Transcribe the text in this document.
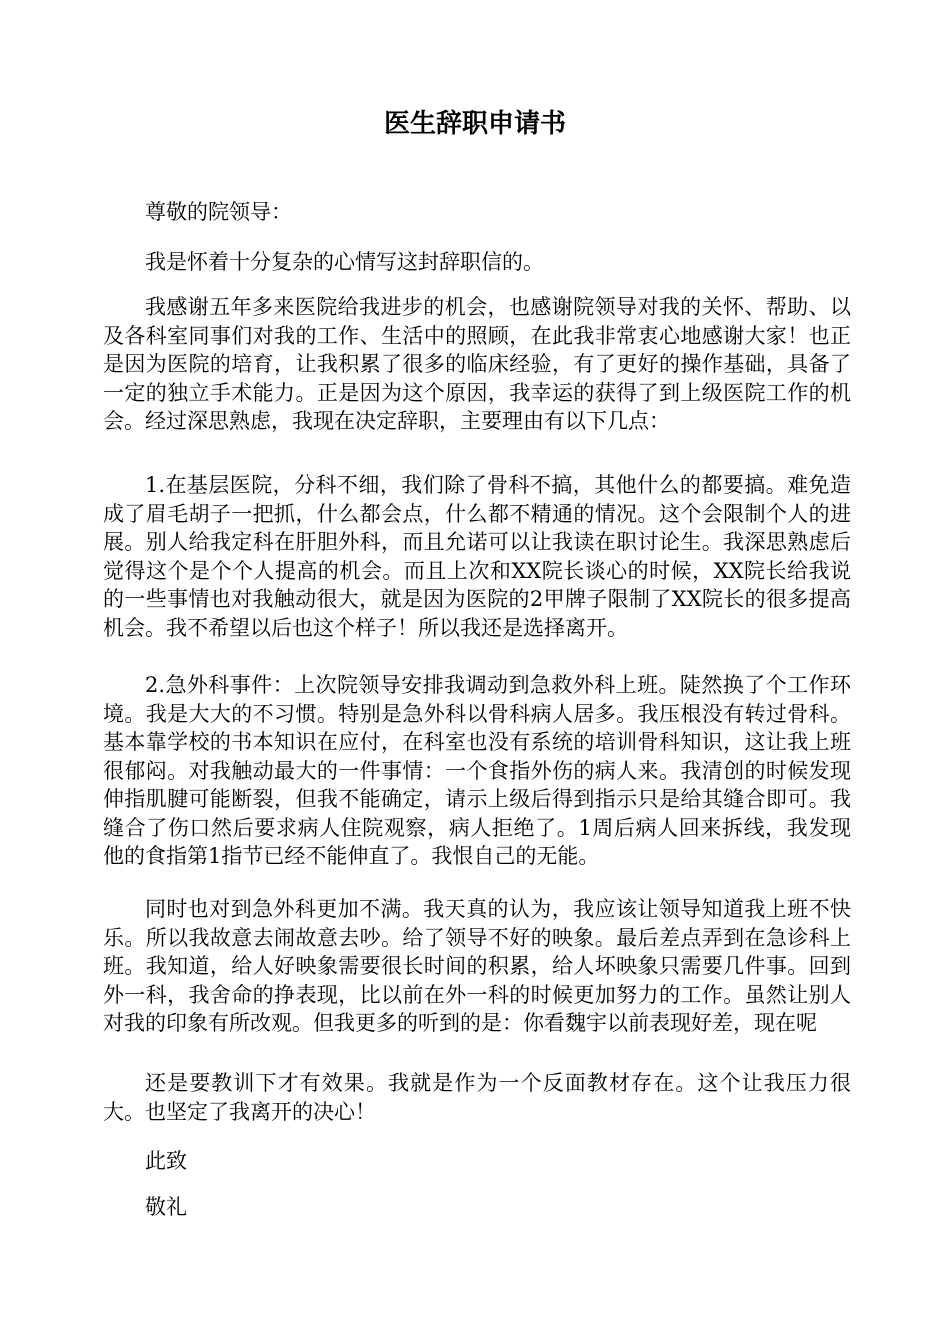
医生辞职申请书

尊敬的院领导：

我是怀着十分复杂的心情写这封辞职信的。

我感谢五年多来医院给我进步的机会，也感谢院领导对我的关怀、帮助、以及各科室同事们对我的工作、生活中的照顾，在此我非常衷心地感谢大家！也正是因为医院的培育，让我积累了很多的临床经验，有了更好的操作基础，具备了一定的独立手术能力。正是因为这个原因，我幸运的获得了到上级医院工作的机会。经过深思熟虑，我现在决定辞职，主要理由有以下几点：

1.在基层医院，分科不细，我们除了骨科不搞，其他什么的都要搞。难免造成了眉毛胡子一把抓，什么都会点，什么都不精通的情况。这个会限制个人的进展。别人给我定科在肝胆外科，而且允诺可以让我读在职讨论生。我深思熟虑后觉得这个是个个人提高的机会。而且上次和XX院长谈心的时候，XX院长给我说的一些事情也对我触动很大，就是因为医院的2甲牌子限制了XX院长的很多提高机会。我不希望以后也这个样子！所以我还是选择离开。

2.急外科事件：上次院领导安排我调动到急救外科上班。陡然换了个工作环境。我是大大的不习惯。特别是急外科以骨科病人居多。我压根没有转过骨科。基本靠学校的书本知识在应付，在科室也没有系统的培训骨科知识，这让我上班很郁闷。对我触动最大的一件事情：一个食指外伤的病人来。我清创的时候发现伸指肌腱可能断裂，但我不能确定，请示上级后得到指示只是给其缝合即可。我缝合了伤口然后要求病人住院观察，病人拒绝了。1周后病人回来拆线，我发现他的食指第1指节已经不能伸直了。我恨自己的无能。

同时也对到急外科更加不满。我天真的认为，我应该让领导知道我上班不快乐。所以我故意去闹故意去吵。给了领导不好的映象。最后差点弄到在急诊科上班。我知道，给人好映象需要很长时间的积累，给人坏映象只需要几件事。回到外一科，我舍命的挣表现，比以前在外一科的时候更加努力的工作。虽然让别人对我的印象有所改观。但我更多的听到的是：你看魏宇以前表现好差，现在呢

还是要教训下才有效果。我就是作为一个反面教材存在。这个让我压力很大。也坚定了我离开的决心！

此致

敬礼
